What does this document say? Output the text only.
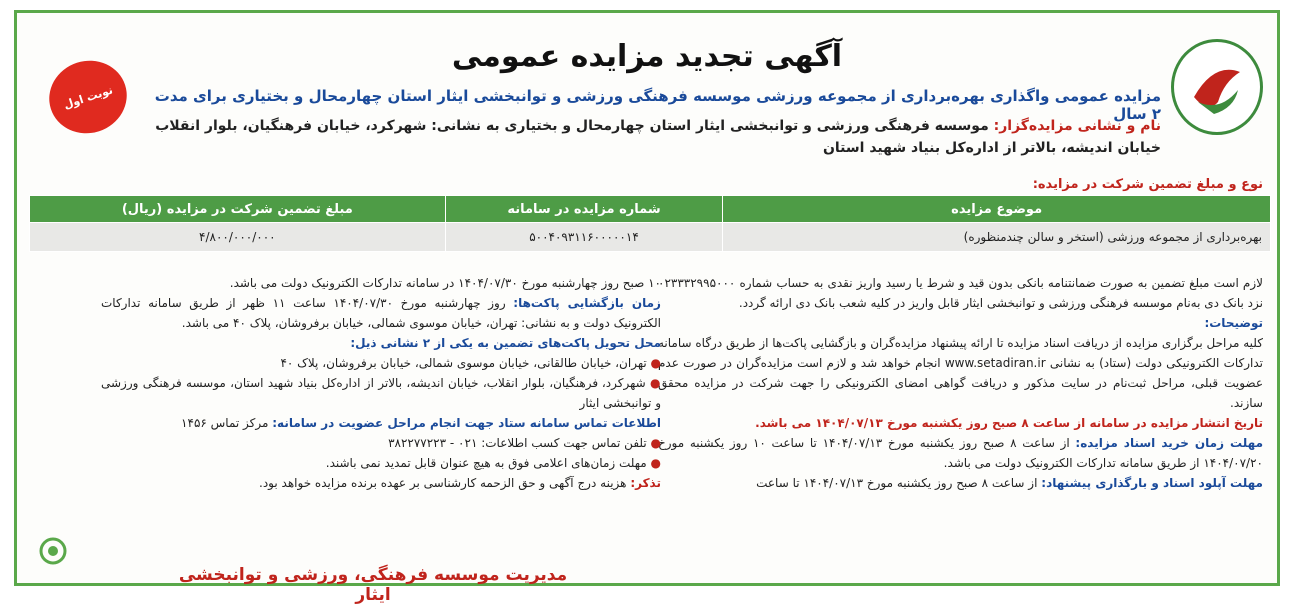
نوبت اول
آگهی تجدید مزایده عمومی
مزایده عمومی واگذاری بهره‌برداری از مجموعه ورزشی موسسه فرهنگی ورزشی و توانبخشی ایثار استان چهارمحال و بختیاری برای مدت ۲ سال
نام و نشانی مزایده‌گزار: موسسه فرهنگی ورزشی و توانبخشی ایثار استان چهارمحال و بختیاری به نشانی: شهرکرد، خیابان فرهنگیان، بلوار انقلاب خیابان اندیشه، بالاتر از اداره‌کل بنیاد شهید استان
نوع و مبلغ تضمین شرکت در مزایده:
موضوع مزایده	شماره مزایده در سامانه	مبلغ تضمین شرکت در مزایده (ریال)
بهره‌برداری از مجموعه ورزشی (استخر و سالن چندمنظوره)	۵۰۰۴۰۹۳۱۱۶۰۰۰۰۰۱۴	۴/۸۰۰/۰۰۰/۰۰۰

لازم است مبلغ تضمین به صورت ضمانتنامه بانکی بدون قید و شرط یا رسید واریز نقدی به حساب شماره ۰۲۳۳۳۲۹۹۵۰۰۰ نزد بانک دی به‌نام موسسه فرهنگی ورزشی و توانبخشی ایثار قابل واریز در کلیه شعب بانک دی ارائه گردد.

توضیحات:

کلیه مراحل برگزاری مزایده از دریافت اسناد مزایده تا ارائه پیشنهاد مزایده‌گران و بازگشایی پاکت‌ها از طریق درگاه سامانه تدارکات الکترونیکی دولت (ستاد) به نشانی www.setadiran.ir انجام خواهد شد و لازم است مزایده‌گران در صورت عدم عضویت قبلی، مراحل ثبت‌نام در سایت مذکور و دریافت گواهی امضای الکترونیکی را جهت شرکت در مزایده محقق سازند.

تاریخ انتشار مزایده در سامانه از ساعت ۸ صبح روز یکشنبه مورخ ۱۴۰۴/۰۷/۱۳ می باشد.

مهلت زمان خرید اسناد مزایده: از ساعت ۸ صبح روز یکشنبه مورخ ۱۴۰۴/۰۷/۱۳ تا ساعت ۱۰ روز یکشنبه مورخ ۱۴۰۴/۰۷/۲۰ از طریق سامانه تدارکات الکترونیک دولت می باشد.

مهلت آپلود اسناد و بارگذاری پیشنهاد: از ساعت ۸ صبح روز یکشنبه مورخ ۱۴۰۴/۰۷/۱۳ تا ساعت

۱۰ صبح روز چهارشنبه مورخ ۱۴۰۴/۰۷/۳۰ در سامانه تدارکات الکترونیک دولت می باشد.

زمان بازگشایی پاکت‌ها: روز چهارشنبه مورخ ۱۴۰۴/۰۷/۳۰ ساعت ۱۱ ظهر از طریق سامانه تدارکات الکترونیک دولت و به نشانی: تهران، خیابان موسوی شمالی، خیابان برفروشان، پلاک ۴۰ می باشد.

محل تحویل پاکت‌های تضمین به یکی از ۲ نشانی ذیل:

● تهران، خیابان طالقانی، خیابان موسوی شمالی، خیابان برفروشان، پلاک ۴۰

● شهرکرد، فرهنگیان، بلوار انقلاب، خیابان اندیشه، بالاتر از اداره‌کل بنیاد شهید استان، موسسه فرهنگی ورزشی و توانبخشی ایثار

اطلاعات تماس سامانه ستاد جهت انجام مراحل عضویت در سامانه: مرکز تماس ۱۴۵۶

● تلفن تماس جهت کسب اطلاعات: ۰۲۱ - ۳۸۲۲۷۷۲۲۳

● مهلت زمان‌های اعلامی فوق به هیچ عنوان قابل تمدید نمی باشند.

تذکر: هزینه درج آگهی و حق الزحمه کارشناسی بر عهده برنده مزایده خواهد بود.

مدیریت موسسه فرهنگی، ورزشی و توانبخشی ایثار
